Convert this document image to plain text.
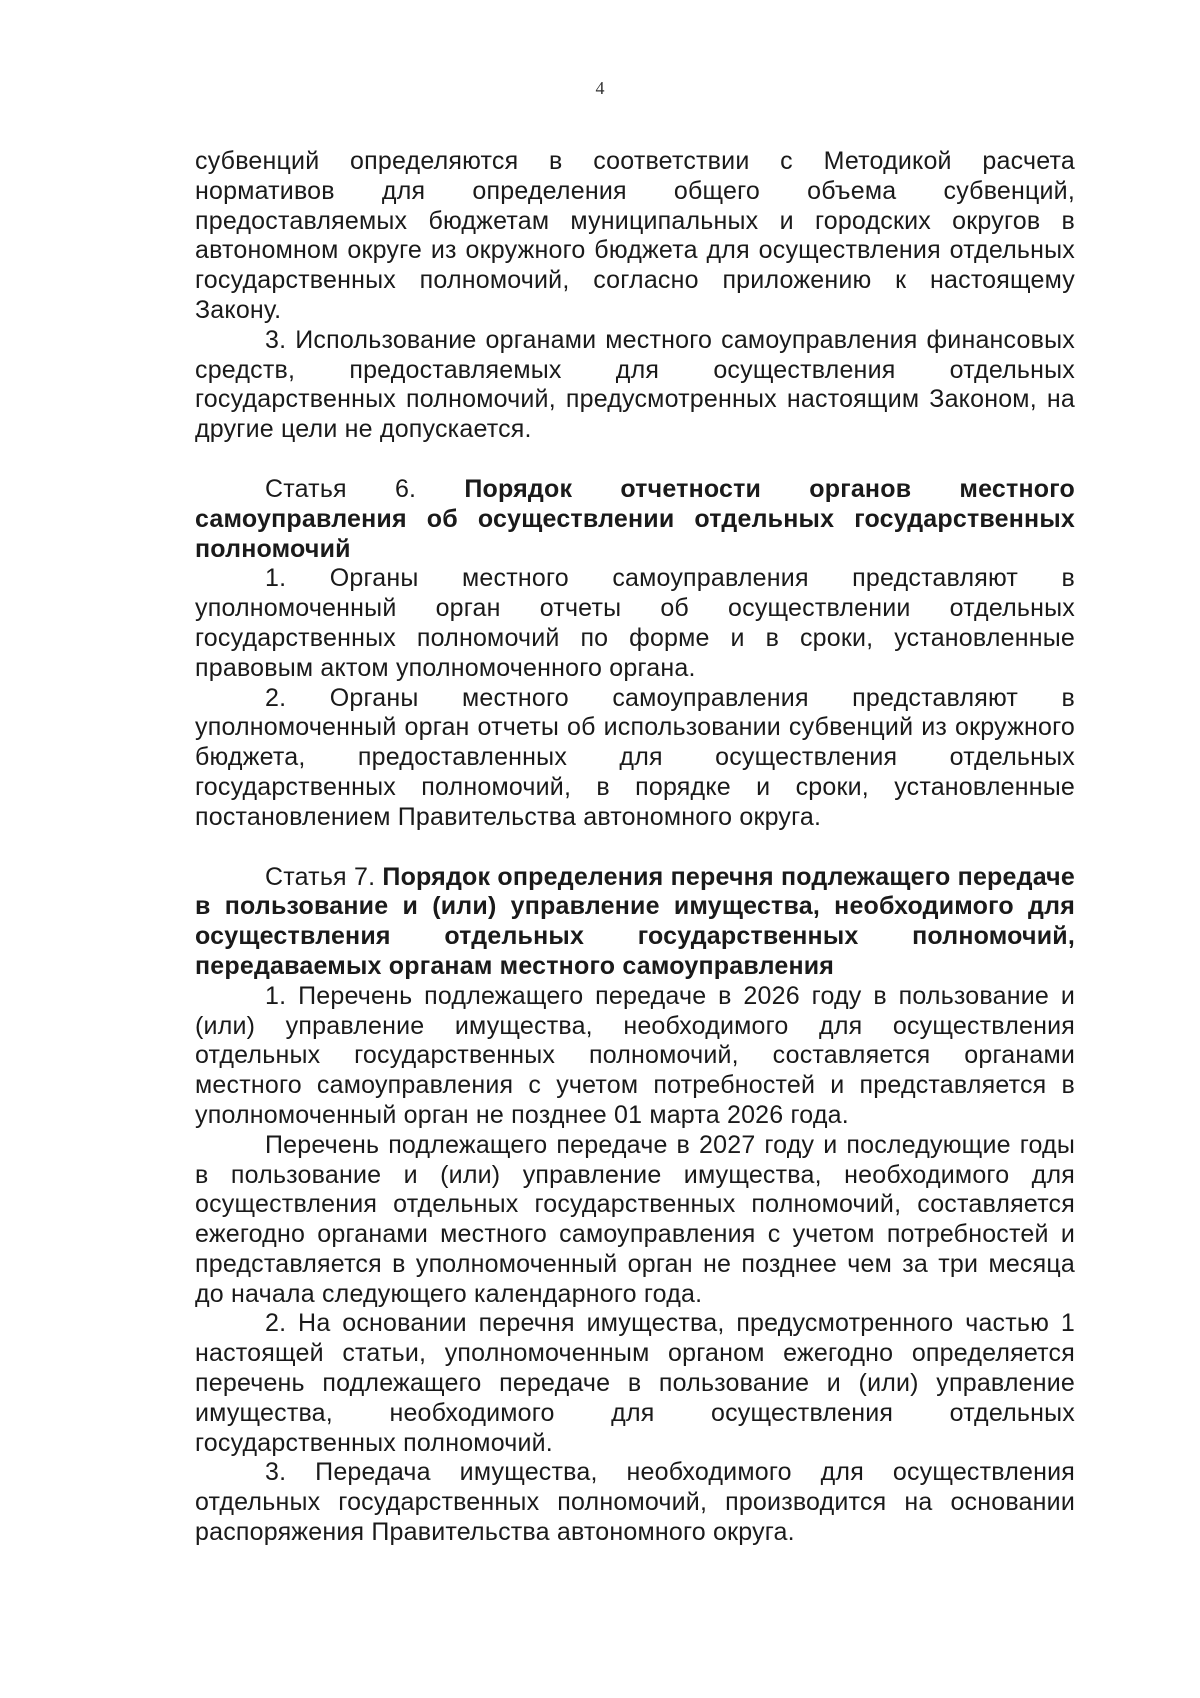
4

субвенций определяются в соответствии с Методикой расчета нормативов для определения общего объема субвенций, предоставляемых бюджетам муниципальных и городских округов в автономном округе из окружного бюджета для осуществления отдельных государственных полномочий, согласно приложению к настоящему Закону.

3. Использование органами местного самоуправления финансовых средств, предоставляемых для осуществления отдельных государственных полномочий, предусмотренных настоящим Законом, на другие цели не допускается.

Статья 6. Порядок отчетности органов местного самоуправления об осуществлении отдельных государственных полномочий

1. Органы местного самоуправления представляют в уполномоченный орган отчеты об осуществлении отдельных государственных полномочий по форме и в сроки, установленные правовым актом уполномоченного органа.

2. Органы местного самоуправления представляют в уполномоченный орган отчеты об использовании субвенций из окружного бюджета, предоставленных для осуществления отдельных государственных полномочий, в порядке и сроки, установленные постановлением Правительства автономного округа.

Статья 7. Порядок определения перечня подлежащего передаче в пользование и (или) управление имущества, необходимого для осуществления отдельных государственных полномочий, передаваемых органам местного самоуправления

1. Перечень подлежащего передаче в 2026 году в пользование и (или) управление имущества, необходимого для осуществления отдельных государственных полномочий, составляется органами местного самоуправления с учетом потребностей и представляется в уполномоченный орган не позднее 01 марта 2026 года.

Перечень подлежащего передаче в 2027 году и последующие годы в пользование и (или) управление имущества, необходимого для осуществления отдельных государственных полномочий, составляется ежегодно органами местного самоуправления с учетом потребностей и представляется в уполномоченный орган не позднее чем за три месяца до начала следующего календарного года.

2. На основании перечня имущества, предусмотренного частью 1 настоящей статьи, уполномоченным органом ежегодно определяется перечень подлежащего передаче в пользование и (или) управление имущества, необходимого для осуществления отдельных государственных полномочий.

3. Передача имущества, необходимого для осуществления отдельных государственных полномочий, производится на основании распоряжения Правительства автономного округа.
